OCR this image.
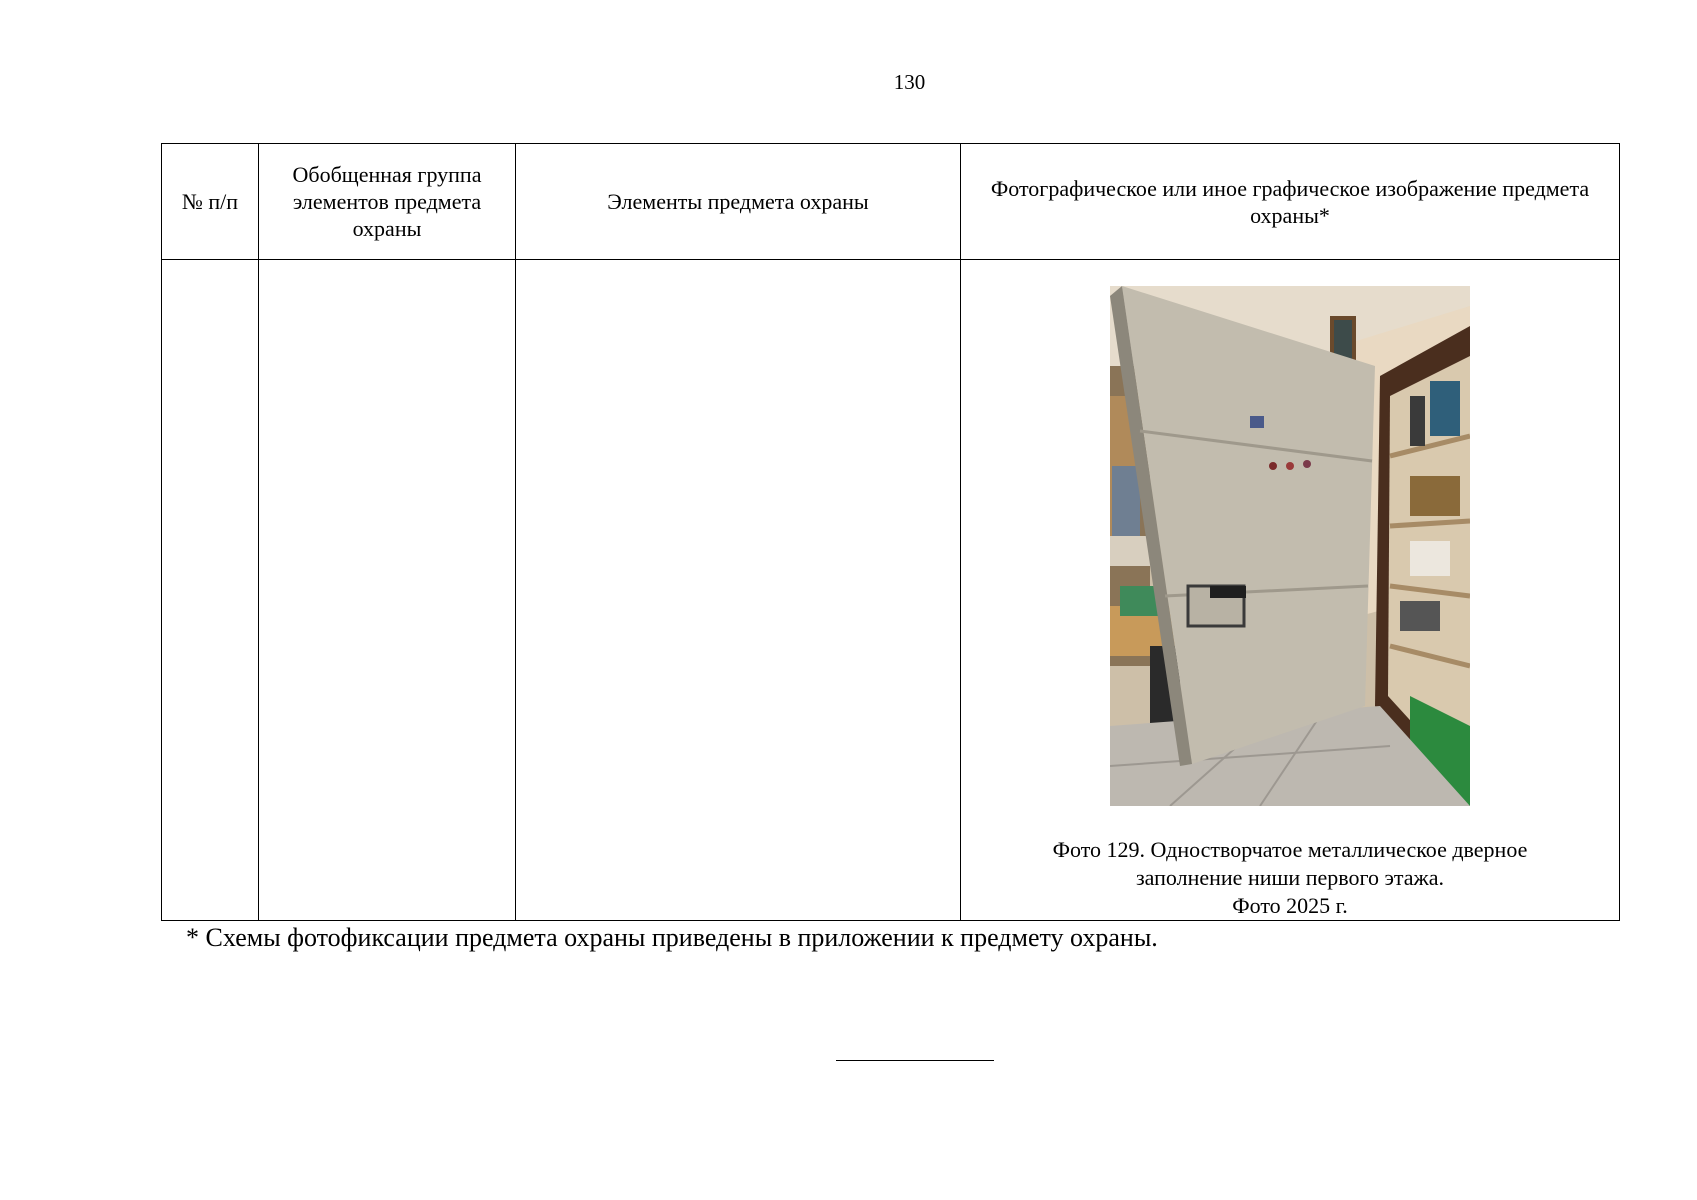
130
№ п/п	Обобщенная группа элементов предмета охраны	Элементы предмета охраны	Фотографическое или иное графическое изображение предмета охраны*

			Фото 129. Одностворчатое металлическое дверное
заполнение ниши первого этажа.
Фото 2025 г.
* Схемы фотофиксации предмета охраны приведены в приложении к предмету охраны.
